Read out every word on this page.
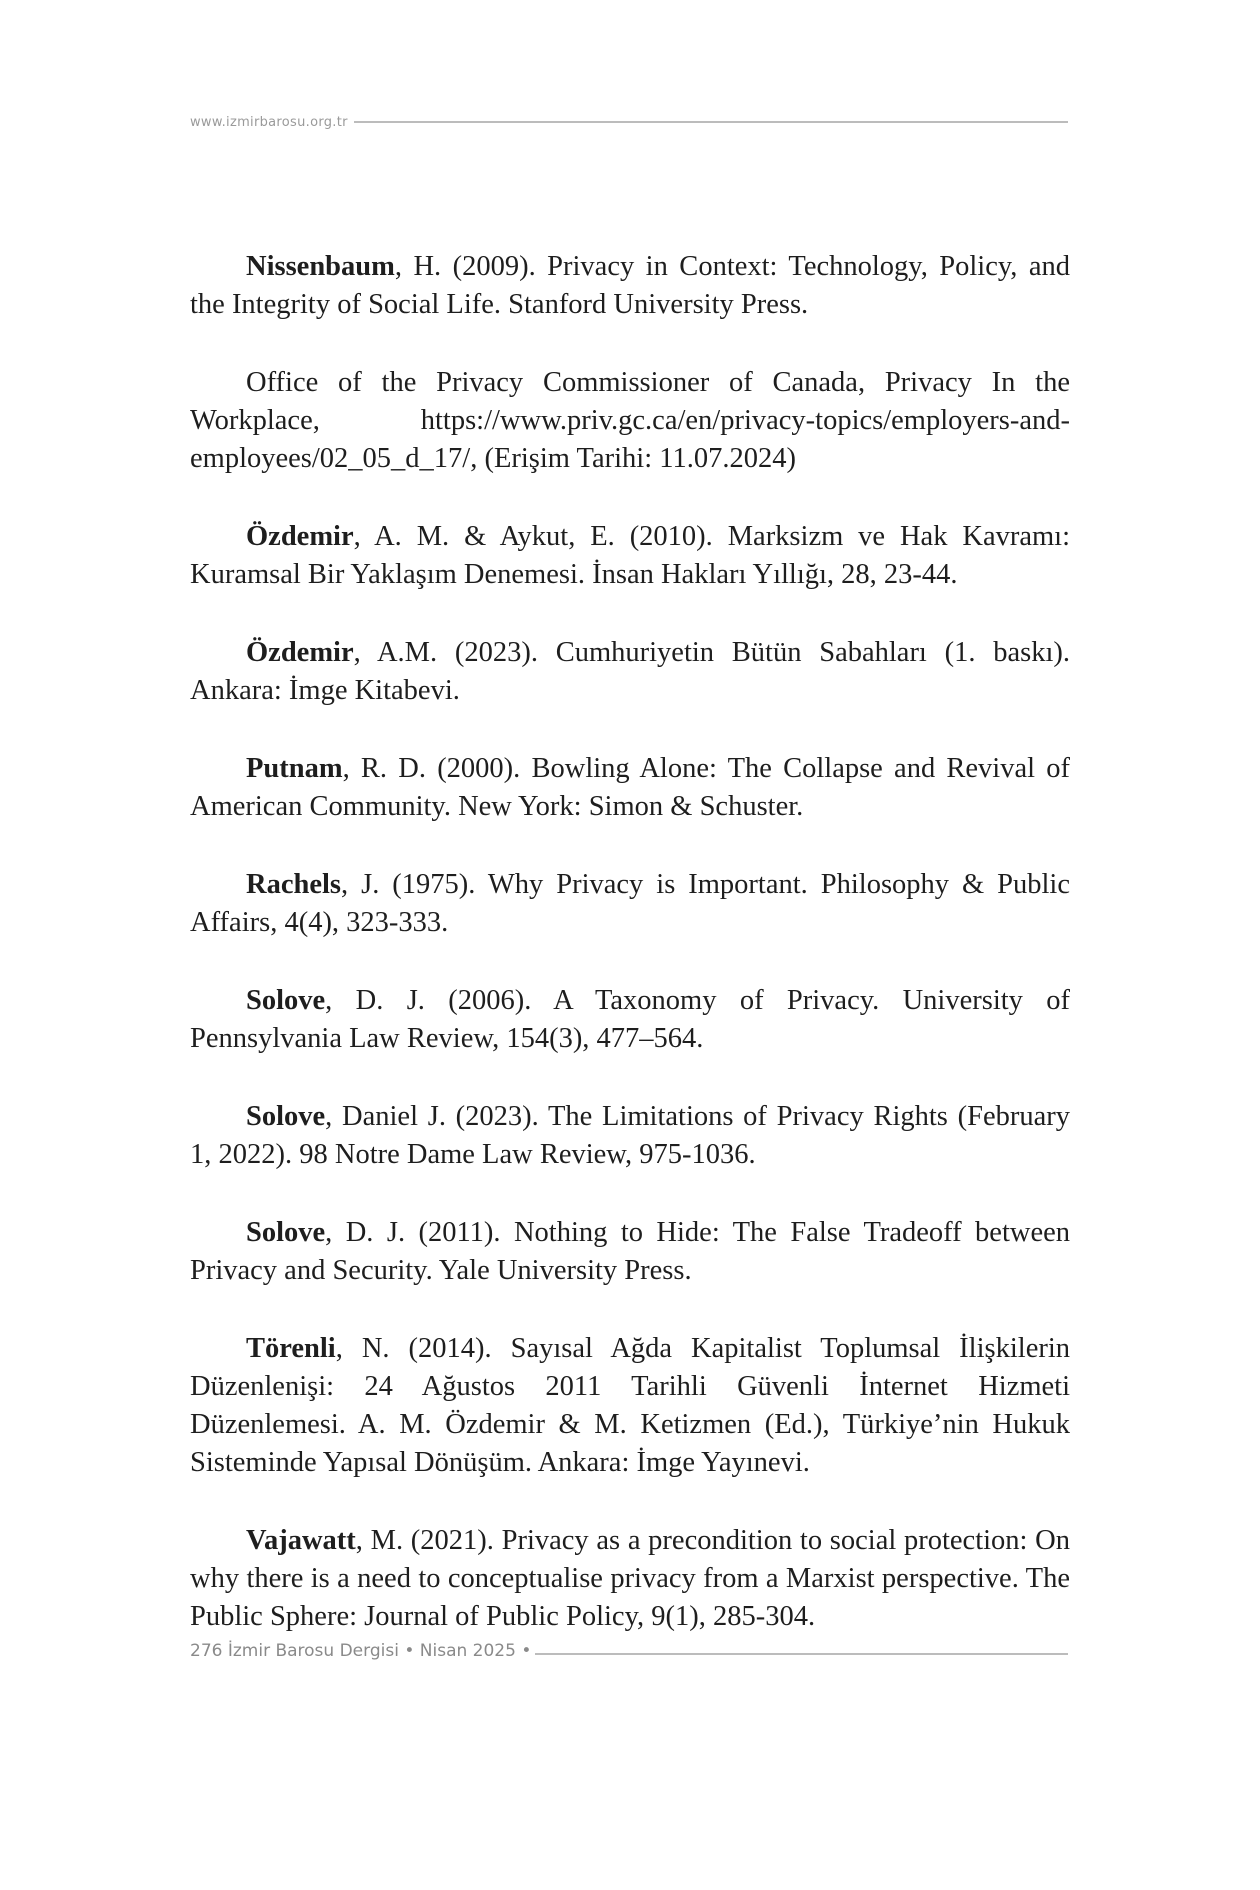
www.izmirbarosu.org.tr

Nissenbaum, H. (2009). Privacy in Context: Technology, Policy, and the Integrity of Social Life. Stanford University Press.

Office of the Privacy Commissioner of Canada, Privacy In the Workplace, https://www.priv.gc.ca/en/privacy-topics/employers-and-employees/02_05_d_17/, (Erişim Tarihi: 11.07.2024)

Özdemir, A. M. & Aykut, E. (2010). Marksizm ve Hak Kavramı: Kuramsal Bir Yaklaşım Denemesi. İnsan Hakları Yıllığı, 28, 23-44.

Özdemir, A.M. (2023). Cumhuriyetin Bütün Sabahları (1. baskı). Ankara: İmge Kitabevi.

Putnam, R. D. (2000). Bowling Alone: The Collapse and Revival of American Community. New York: Simon & Schuster.

Rachels, J. (1975). Why Privacy is Important. Philosophy & Public Affairs, 4(4), 323-333.

Solove, D. J. (2006). A Taxonomy of Privacy. University of Pennsylvania Law Review, 154(3), 477–564.

Solove, Daniel J. (2023). The Limitations of Privacy Rights (February 1, 2022). 98 Notre Dame Law Review, 975-1036.

Solove, D. J. (2011). Nothing to Hide: The False Tradeoff between Privacy and Security. Yale University Press.

Törenli, N. (2014). Sayısal Ağda Kapitalist Toplumsal İlişkilerin Düzenlenişi: 24 Ağustos 2011 Tarihli Güvenli İnternet Hizmeti Düzenlemesi. A. M. Özdemir & M. Ketizmen (Ed.), Türkiye’nin Hukuk Sisteminde Yapısal Dönüşüm. Ankara: İmge Yayınevi.

Vajawatt, M. (2021). Privacy as a precondition to social protection: On why there is a need to conceptualise privacy from a Marxist perspective. The Public Sphere: Journal of Public Policy, 9(1), 285-304.

276 İzmir Barosu Dergisi • Nisan 2025 •
